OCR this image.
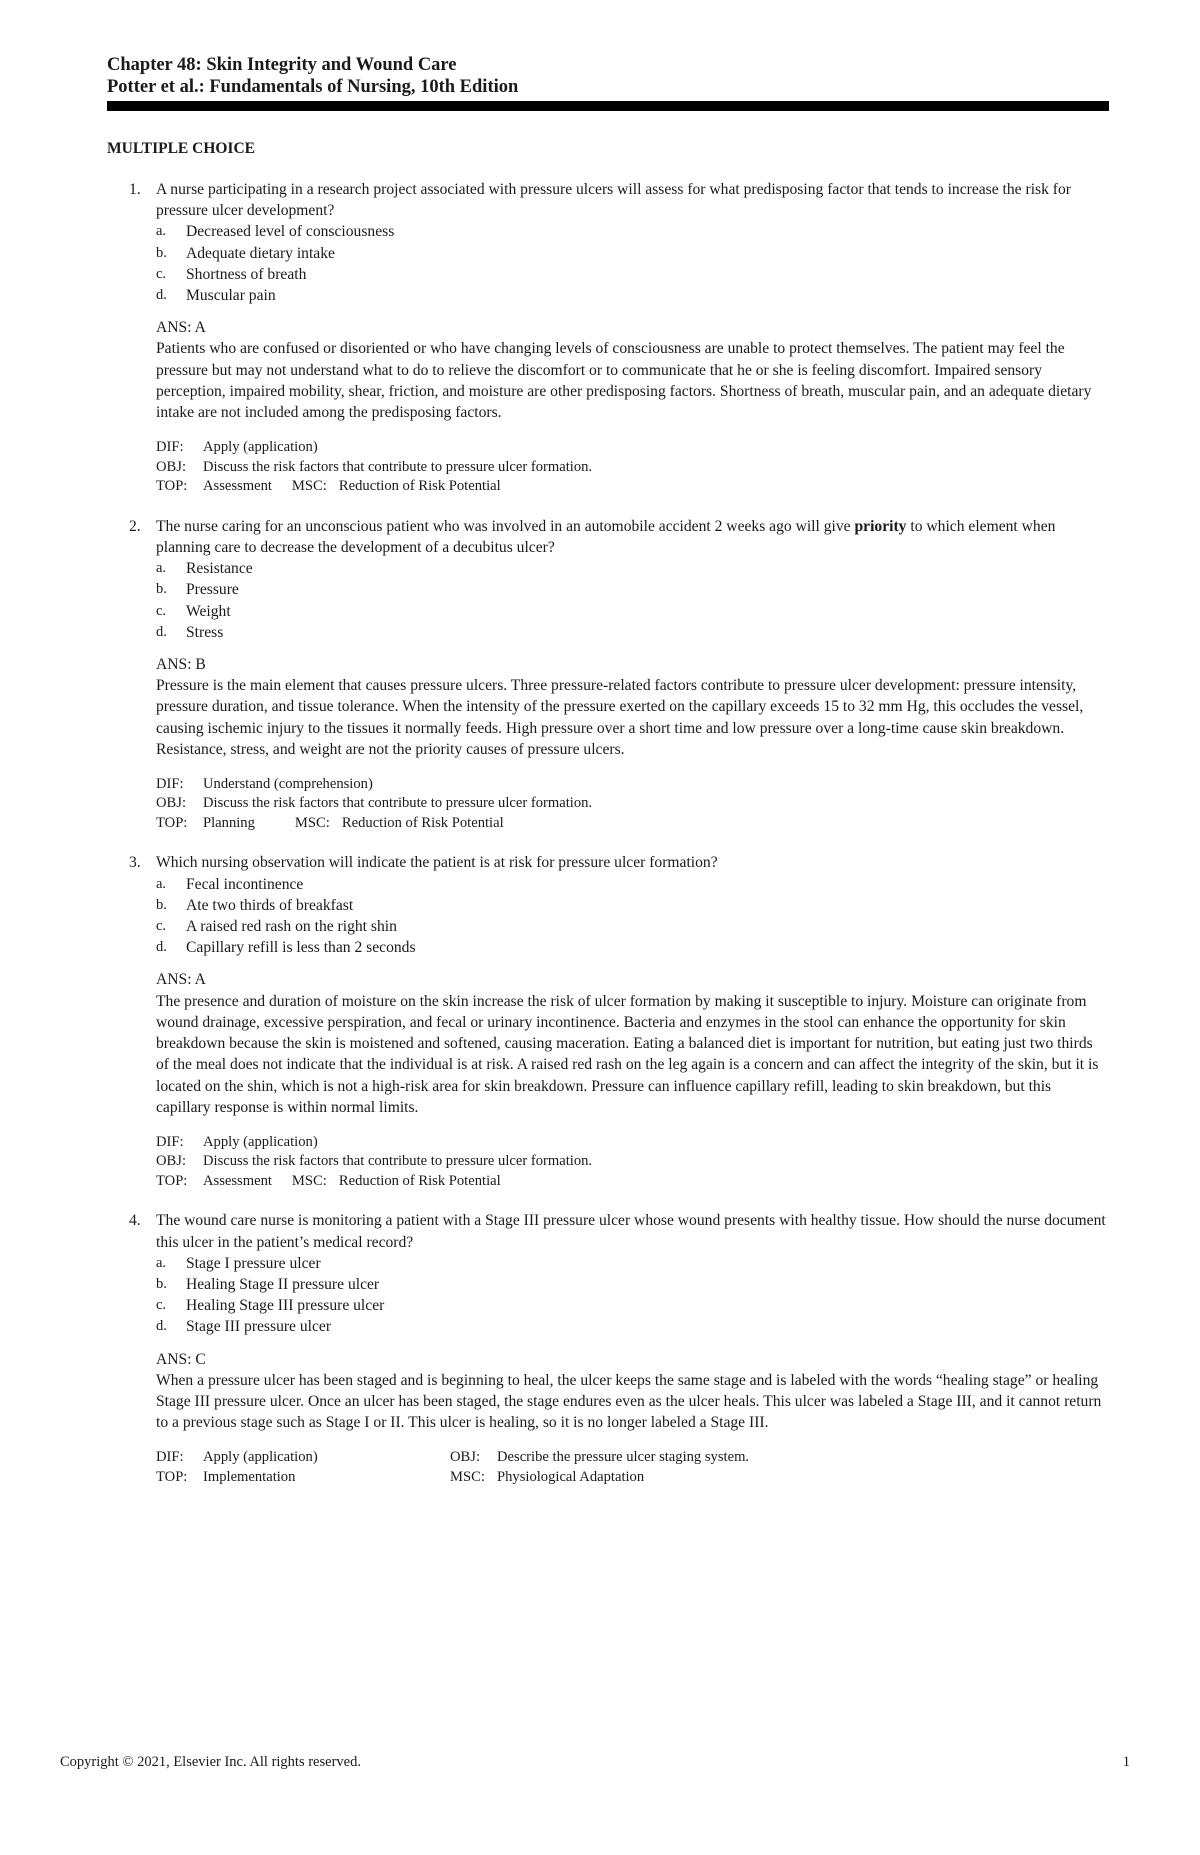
Chapter 48: Skin Integrity and Wound Care
Potter et al.: Fundamentals of Nursing, 10th Edition
MULTIPLE CHOICE
1. A nurse participating in a research project associated with pressure ulcers will assess for what predisposing factor that tends to increase the risk for pressure ulcer development?
a.	Decreased level of consciousness
b.	Adequate dietary intake
c.	Shortness of breath
d.	Muscular pain
ANS: A

Patients who are confused or disoriented or who have changing levels of consciousness are unable to protect themselves. The patient may feel the pressure but may not understand what to do to relieve the discomfort or to communicate that he or she is feeling discomfort. Impaired sensory perception, impaired mobility, shear, friction, and moisture are other predisposing factors. Shortness of breath, muscular pain, and an adequate dietary intake are not included among the predisposing factors.

DIF:	Apply (application)
OBJ:	Discuss the risk factors that contribute to pressure ulcer formation.
TOP:	Assessment MSC: Reduction of Risk Potential
2. The nurse caring for an unconscious patient who was involved in an automobile accident 2 weeks ago will give priority to which element when planning care to decrease the development of a decubitus ulcer?
a.	Resistance
b.	Pressure
c.	Weight
d.	Stress
ANS: B

Pressure is the main element that causes pressure ulcers. Three pressure-related factors contribute to pressure ulcer development: pressure intensity, pressure duration, and tissue tolerance. When the intensity of the pressure exerted on the capillary exceeds 15 to 32 mm Hg, this occludes the vessel, causing ischemic injury to the tissues it normally feeds. High pressure over a short time and low pressure over a long-time cause skin breakdown. Resistance, stress, and weight are not the priority causes of pressure ulcers.

DIF:	Understand (comprehension)
OBJ:	Discuss the risk factors that contribute to pressure ulcer formation.
TOP:	Planning	MSC: Reduction of Risk Potential
3. Which nursing observation will indicate the patient is at risk for pressure ulcer formation?
a.	Fecal incontinence
b.	Ate two thirds of breakfast
c.	A raised red rash on the right shin
d.	Capillary refill is less than 2 seconds
ANS: A

The presence and duration of moisture on the skin increase the risk of ulcer formation by making it susceptible to injury. Moisture can originate from wound drainage, excessive perspiration, and fecal or urinary incontinence. Bacteria and enzymes in the stool can enhance the opportunity for skin breakdown because the skin is moistened and softened, causing maceration. Eating a balanced diet is important for nutrition, but eating just two thirds of the meal does not indicate that the individual is at risk. A raised red rash on the leg again is a concern and can affect the integrity of the skin, but it is located on the shin, which is not a high-risk area for skin breakdown. Pressure can influence capillary refill, leading to skin breakdown, but this capillary response is within normal limits.

DIF:	Apply (application)
OBJ:	Discuss the risk factors that contribute to pressure ulcer formation.
TOP:	Assessment MSC: Reduction of Risk Potential
4. The wound care nurse is monitoring a patient with a Stage III pressure ulcer whose wound presents with healthy tissue. How should the nurse document this ulcer in the patient’s medical record?
a.	Stage I pressure ulcer
b.	Healing Stage II pressure ulcer
c.	Healing Stage III pressure ulcer
d.	Stage III pressure ulcer
ANS: C

When a pressure ulcer has been staged and is beginning to heal, the ulcer keeps the same stage and is labeled with the words “healing stage” or healing Stage III pressure ulcer. Once an ulcer has been staged, the stage endures even as the ulcer heals. This ulcer was labeled a Stage III, and it cannot return to a previous stage such as Stage I or II. This ulcer is healing, so it is no longer labeled a Stage III.

DIF:	Apply (application)	OBJ:	Describe the pressure ulcer staging system.
TOP:	Implementation	MSC: Physiological Adaptation
Copyright © 2021, Elsevier Inc. All rights reserved.	1
